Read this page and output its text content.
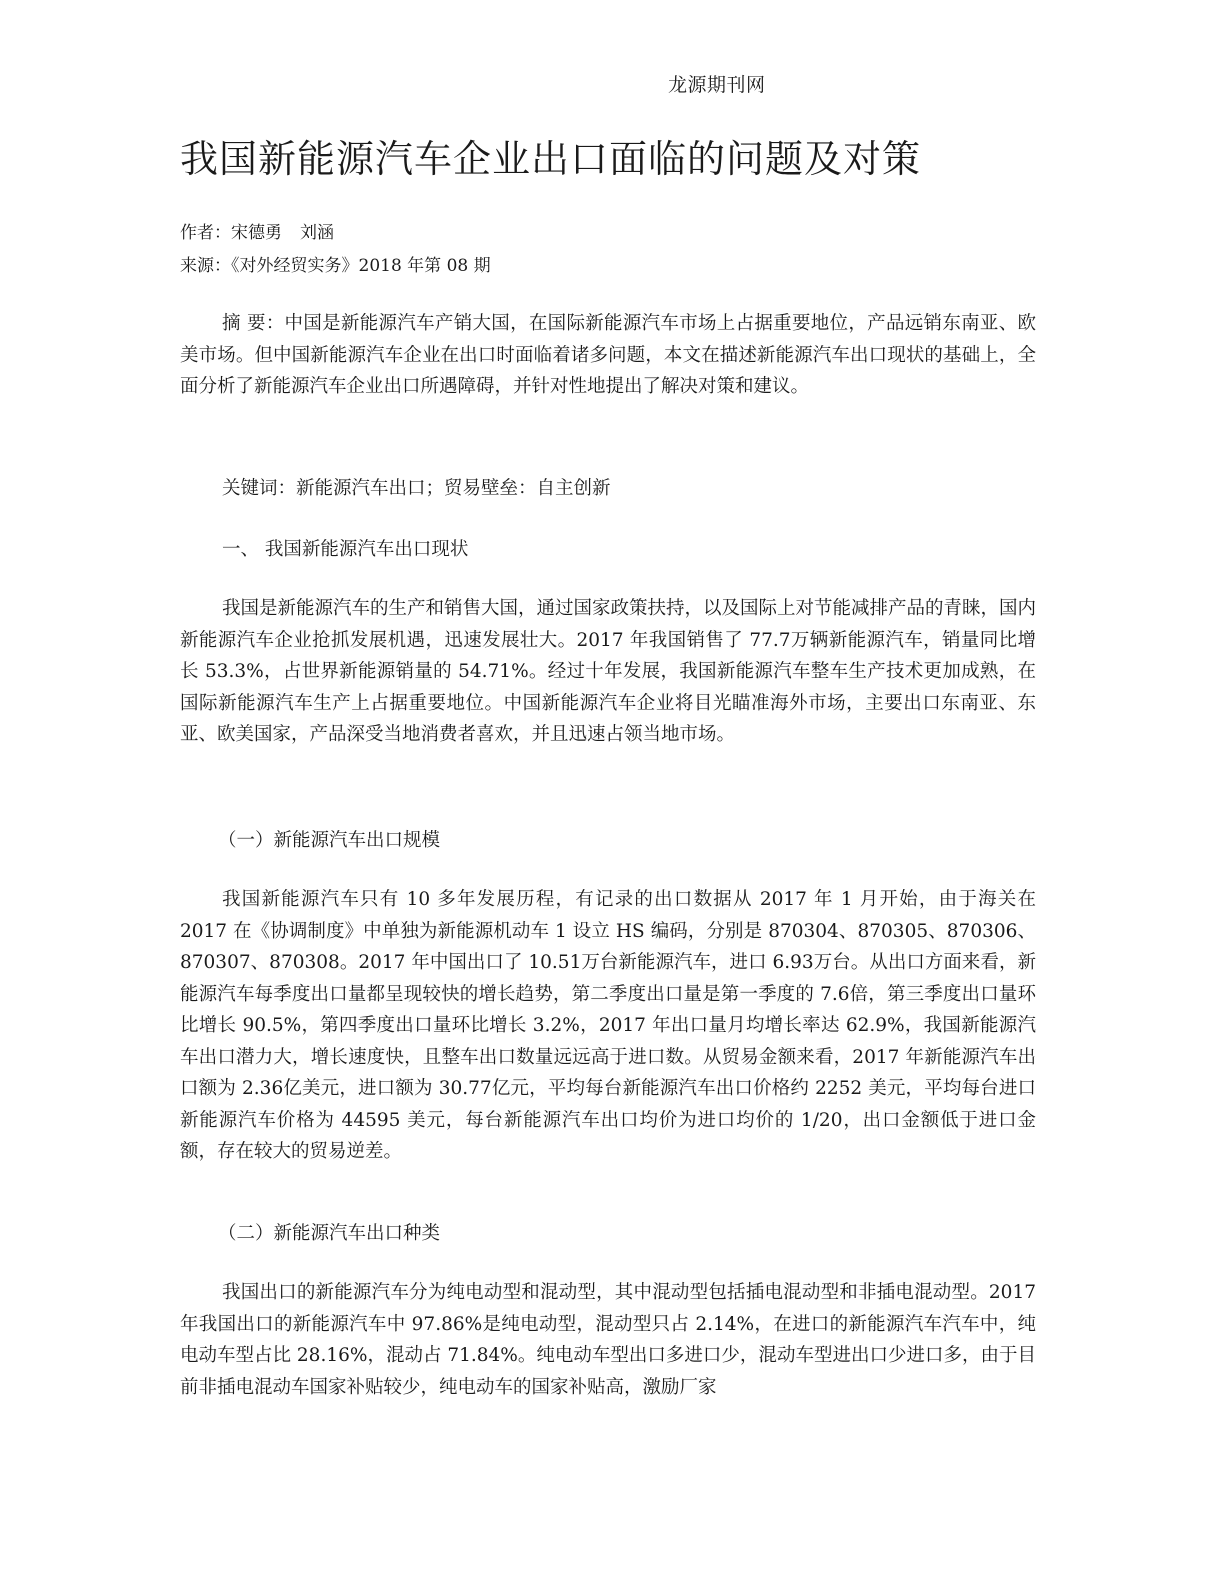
龙源期刊网
我国新能源汽车企业出口面临的问题及对策
作者：宋德勇 刘涵
来源：《对外经贸实务》2018 年第 08 期

摘 要：中国是新能源汽车产销大国，在国际新能源汽车市场上占据重要地位，产品远销东南亚、欧美市场。但中国新能源汽车企业在出口时面临着诸多问题，本文在描述新能源汽车出口现状的基础上，全面分析了新能源汽车企业出口所遇障碍，并针对性地提出了解决对策和建议。

关键词：新能源汽车出口；贸易壁垒：自主创新

一、 我国新能源汽车出口现状

我国是新能源汽车的生产和销售大国，通过国家政策扶持，以及国际上对节能减排产品的青睐，国内新能源汽车企业抢抓发展机遇，迅速发展壮大。2017 年我国销售了 77.7万辆新能源汽车，销量同比增长 53.3%，占世界新能源销量的 54.71%。经过十年发展，我国新能源汽车整车生产技术更加成熟，在国际新能源汽车生产上占据重要地位。中国新能源汽车企业将目光瞄准海外市场，主要出口东南亚、东亚、欧美国家，产品深受当地消费者喜欢，并且迅速占领当地市场。

（一）新能源汽车出口规模

我国新能源汽车只有 10 多年发展历程，有记录的出口数据从 2017 年 1 月开始，由于海关在 2017 在《协调制度》中单独为新能源机动车 1 设立 HS 编码，分别是 870304、870305、870306、870307、870308。2017 年中国出口了 10.51万台新能源汽车，进口 6.93万台。从出口方面来看，新能源汽车每季度出口量都呈现较快的增长趋势，第二季度出口量是第一季度的 7.6倍，第三季度出口量环比增长 90.5%，第四季度出口量环比增长 3.2%，2017 年出口量月均增长率达 62.9%，我国新能源汽车出口潜力大，增长速度快，且整车出口数量远远高于进口数。从贸易金额来看，2017 年新能源汽车出口额为 2.36亿美元，进口额为 30.77亿元，平均每台新能源汽车出口价格约 2252 美元，平均每台进口新能源汽车价格为 44595 美元，每台新能源汽车出口均价为进口均价的 1/20，出口金额低于进口金额，存在较大的贸易逆差。

（二）新能源汽车出口种类

我国出口的新能源汽车分为纯电动型和混动型，其中混动型包括插电混动型和非插电混动型。2017 年我国出口的新能源汽车中 97.86%是纯电动型，混动型只占 2.14%，在进口的新能源汽车汽车中，纯电动车型占比 28.16%，混动占 71.84%。纯电动车型出口多进口少，混动车型进出口少进口多，由于目前非插电混动车国家补贴较少，纯电动车的国家补贴高，激励厂家
